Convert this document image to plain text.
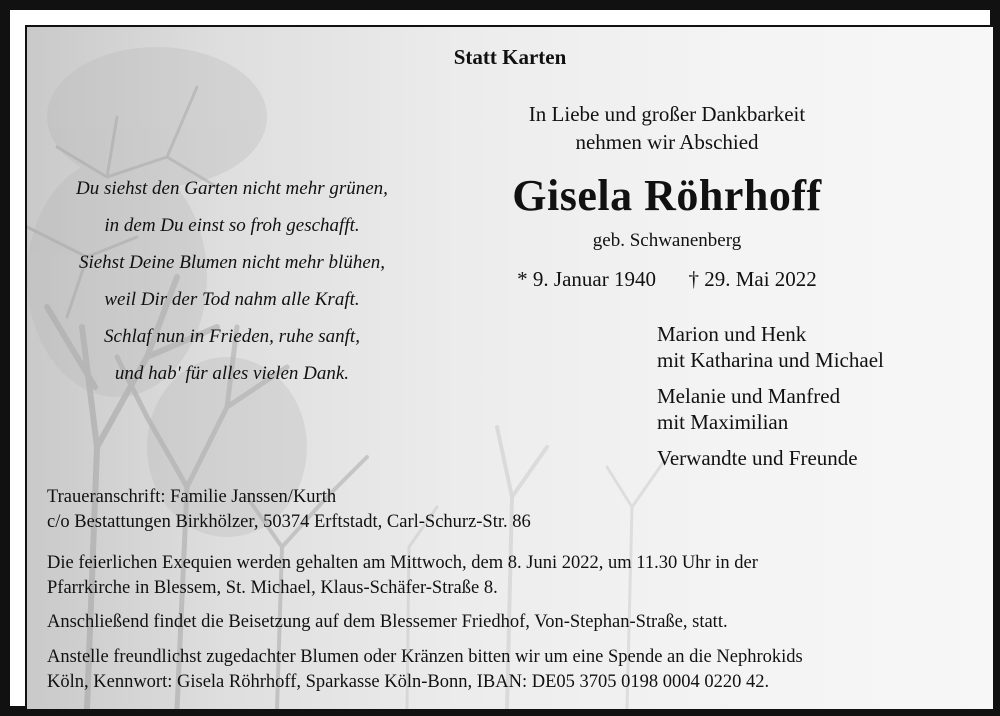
Statt Karten
In Liebe und großer Dankbarkeit
nehmen wir Abschied
Du siehst den Garten nicht mehr grünen,
in dem Du einst so froh geschafft.
Siehst Deine Blumen nicht mehr blühen,
weil Dir der Tod nahm alle Kraft.
Schlaf nun in Frieden, ruhe sanft,
und hab' für alles vielen Dank.
Gisela Röhrhoff
geb. Schwanenberg
* 9. Januar 1940 † 29. Mai 2022
Marion und Henk
mit Katharina und Michael
Melanie und Manfred
mit Maximilian
Verwandte und Freunde
Traueranschrift: Familie Janssen/Kurth
c/o Bestattungen Birkhölzer, 50374 Erftstadt, Carl-Schurz-Str. 86
Die feierlichen Exequien werden gehalten am Mittwoch, dem 8. Juni 2022, um 11.30 Uhr in der
Pfarrkirche in Blessem, St. Michael, Klaus-Schäfer-Straße 8.
Anschließend findet die Beisetzung auf dem Blessemer Friedhof, Von-Stephan-Straße, statt.
Anstelle freundlichst zugedachter Blumen oder Kränzen bitten wir um eine Spende an die Nephrokids
Köln, Kennwort: Gisela Röhrhoff, Sparkasse Köln-Bonn, IBAN: DE05 3705 0198 0004 0220 42.
